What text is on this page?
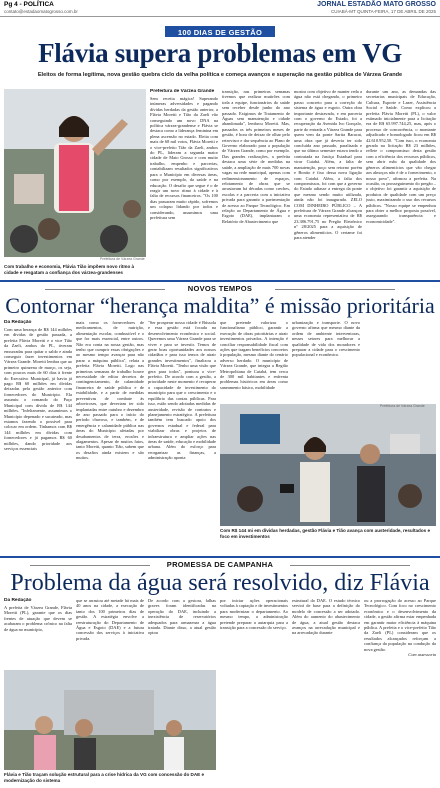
Pg 4 - POLÍTICA
contato@estadaomatogrosso.com.br
JORNAL ESTADÃO MATO GROSSO
CUIABÁ-MT QUINTA-FEIRA, 17 DE ABRIL DE 2025
100 DIAS DE GESTÃO
Flávia supera problemas em VG
Eleitos de forma legítima, nova gestão quebra ciclo da velha política e começa avanços e superação na gestão pública de Várzea Grande
Prefeitura de Várzea Grande
Com trabalho e economia, Flávia Tião impõem novo ritmo à cidade e resgatam a confiança dos várzea-grandenses
Prefeitura de Várzea Grande
Sem receita mágica! Superando inúmeras adversidades e pagando dívidas herdadas da gestão anterior, a Flávia Moretti e Tião da Zaeli vão conseguindo um novo DNA na política várzea-grandense e Flávia se destaca como a liderança feminina em plena ascensão no estado. Eleita com mais de 68 mil votos, Flávia Moretti e o vice-prefeito Tião da Zaeli, ambos do PL, lideram a segunda maior cidade de Mato Grosso e com muito trabalho, empenho e parcerias, contabilizam resultados significativos para o Município em diversas áreas, como por exemplo, da saúde e na educação. O desafio que segue é o de reagir um novo ritmo à cidade e à falta de recursos financeiros. "Os 100 dias passaram muito rápido, sofremos um colapso lidando por todos e considerando, assumimos uma prefeitura sem
transição, nas primeiras semanas tivemos que realizar mutirões com toda a equipe, funcionários do saúde sem receber desde junho do ano passado. Exigimos de Tratamento de Águas sem manutenção e cidade abandonada", lembrou Moretti. Mas, passados os três primeiros meses de gestão, é hora de deixar de olhar pelo retrovisor e dar sequência ao Plano de Governo elaborado para a população de Várzea Grande, como por exemplo. Das grandes realizações, a prefeita destaca uma série de medidas na saúde, a ampliação de mais 700 novas vagas na rede municipal, apenas com redimensionamento de espaços, relotamento de obras que se arrastavam há décadas como creches, escolas e a parceria com a iniciativa privada para garantir a pavimentação de acesso ao Parque Tecnológico. Em relação ao Departamento de Água e Esgoto (DAE), implantaram o Relatório de Abastecimento que
mostra com objetivo de manter reda a água não está chegando, o primeiro passo concreto para a correção do sistema de água e esgoto. Outra obra importante destravada, e em parceria com o governo do Estado, foi a recuperação da Avenida Ivo Gonçalo, parte do entrada a Várzea Grande para quem vem da ponte Sarita Baracat, uma obra que já deveria ter sido concluída ano passado, paralisada e que no último semestre estava tendo a contratada na Justiça Estadual para virar Cuiabá. Além, a falta de manutenção, poço sem retorno porém e Bonito é fixo dessa nova ligação com Cuiabá. Além, a falta dos compromissos, foi com que a governo do Estado adiasse a entrega da ponte que mesmo sendo muito utilizada, ainda não foi inaugurada. ZELO COM DINHEIRO PÚBLICO – A prefeitura de Várzea Grande alcançou uma economia representativa de R$ 23.386.791,75 no Pregão Eletrônico nº 28/2025 para a aquisição de gêneros alimentícios. O certame foi para atender
durante um ano, as demandas das secretarias municipais de Educação, Cultura, Esporte e Lazer, Assistência Social e Saúde. Como explicou a prefeita Flávia Moretti (PL), o valor estimado inicialmente para a licitação era de R$ 65.997.744,25, mas, após o processo de concorrência, o montante adjudicado e homologado ficou em R$ 42.610.952,50. "Com isso, o economia gerada na licitação R$ 23 milhões, reflete o compromisso desta gestão com a eficiência dos recursos públicos, sem abrir mão da qualidade dos gêneros alimentícios que vão chegar aos almoços não é de o fornecimento, o nosso povo", afirmou a prefeita. Na ocasião, os prosseguimento do pregão – o objetivo foi garantir a aquisição de produtos de qualidade com um preço justo, maximizando o uso dos recursos públicos. "Nosso equipe se empenhou para obter a melhor proposta possível, assegurando transparência e economicidade".
NOVOS TEMPOS
Contornar “herança maldita” é missão prioritária
Da Redação
Com uma herança de R$ 144 milhões em dívidas de gestão passada, a prefeita Flávia Moretti e o vice Tião da Zaeli, ambos do PL, tiveram enxurradas para quitar o saldo e ainda conseguir fazer investimentos em Várzea Grande. Moretti lembra que ao primeiro quinzena de março, os seja, com poucos mais de 60 dias à frente do Executivo Municipal, já havia já pago R$ 60 milhões em dívidas deixadas pela gestão anterior com fornecedores do Município. Ela assumiu o comando do Paço Municipal com dívida de R$ 144 milhões. "Infelizmente, assumimos o Município depenado e sucateado, mas estamos fazendo o possível para colocar em ordem. Tínhamos com R$ 144 milhões em dívidas com fornecedores e já pagamos R$ 60 milhões, dando prioridade aos serviços essenciais
mais como os fornecedores de medicamentos, de nutrição, alimentação escolar, combustível e o que for mais essencial, entre outros. Não era conta na nossa gestão, mas tenho que cumprir essas obrigações e ao mesmo tempo avançar para não parar a máquina pública", relata a prefeita Flávia Moretti. Logo nas primeiras semanas de trabalho houve necessidade de editar decretos de contingenciamento, de calamidade financeira de saúde pública e de estabilidade, e a partir de medidas preventivas de combate às arboviroses, que deveriam ter sido implantadas entre outubro e dezembro de ano passado para o início do período chuvoso, e também, e de emergência e calamidade pública nas áreas do Município afetadas por desabamentos de terra, erosões e alagamentos. Apesar de muitos fatos, tanto Moretti, quanto Tião, sabem que os desafios ainda existem e são muitos.
"Ser prosperar nossa cidade é Bússola e essa gestão está focada na desenvolvimento econômico e social. Queremos uma Várzea Grande para se viver e para se investir. Temos de gerar boas oportunidades aos nossos cidadãos e para isso temos de atrair grandes investimentos", finalizou a Flávia Moretti. "Tenho uma visão que gera para todos", pontuou o vice-prefeito. De acordo com a gestão, a prioridade neste momento é recuperar a capacidade de investimento do município para que o crescimento e o equilíbrio das contas públicas. Para isso, estão sendo adotadas medidas de austeridade, revisão de contratos e planejamento estratégico. A prefeitura também tem buscado apoio dos governos estadual e federal para viabilizar obras e projetos de infraestrutura e ampliar ações nas áreas de saúde, educação e mobilidade urbana. Além do esforço para reorganizar as finanças, a administração aponta
que pretende valorizar o funcionalismo público, garantir a execução de obras prioritárias e atrair investimentos privados. A intenção é conciliar responsabilidade fiscal com ações que tragam benefícios concretos à população, mesmo diante do cenário adverso herdado. O município de Várzea Grande, que integra a Região Metropolitana de Cuiabá, tem cerca de 300 mil habitantes e enfrenta problemas históricos em áreas como saneamento básico, mobilidade
urbanização e transporte. O novo governo afirma que mesmo diante da ordem de ambiente interventoras, nesses setores para melhorar a qualidade de vida dos moradores e preparar a cidade para o crescimento populacional e econômico.
Prefeitura de Várzea Grande
Com R$ 144 mi em dívidas herdadas, gestão Flávia e Tião avança com austeridade, resultados e foco em investimentos
PROMESSA DE CAMPANHA
Problema da água será resolvido, diz Flávia
Da Redação
A prefeita de Várzea Grande, Flávia Moretti (PL), garante que os dias frentes de atuação que devem se acabaram o problema crônico na falta de água no município,
que se arrastou até metade há mais de 40 anos na cidade, a execução de tanto dos 100 primeiros dias de gestão. A estratégia envolve a reestruturação do Departamento de Água e Esgoto (DAE) e a futura concessão dos serviços à iniciativa privada.
De acordo com a gestora, falhas graves foram identificadas na operação do DAE, incluindo a inexistência de reservatórios adequados para armazenar a água tratada. Diante disso, a atual gestão optou
por iniciar ações operacionais voltadas à captação e de investimentos para modernizar o departamento. Ao mesmo tempo, a administração pretende preparar a autarquia para a transição para a concessão do serviço.
estrutural do DAE. O estudo técnico servirá de base para a definição do modelo de concessão a ser adotado. Além do aumento do abastecimento de água, a atual gestão destaca avanços na arrecadação municipal e na arrecadação durante
ou a prorrogação do acesso ao Parque Tecnológico. Com foco no crescimento econômico e o desenvolvimento da cidade, a gestão afirma estar empenhada em garantir maior eficiência à máquina pública. A prefeita e o vice-prefeito Tião da Zaeli (PL) consideram que os resultados alcançados reforçam a confiança da população na condução da nova gestão.
Com assessoria
Flávia e Tião traçam solução estrutural para a crise hídrica da VG com concessão do DAE e modernização do sistema
